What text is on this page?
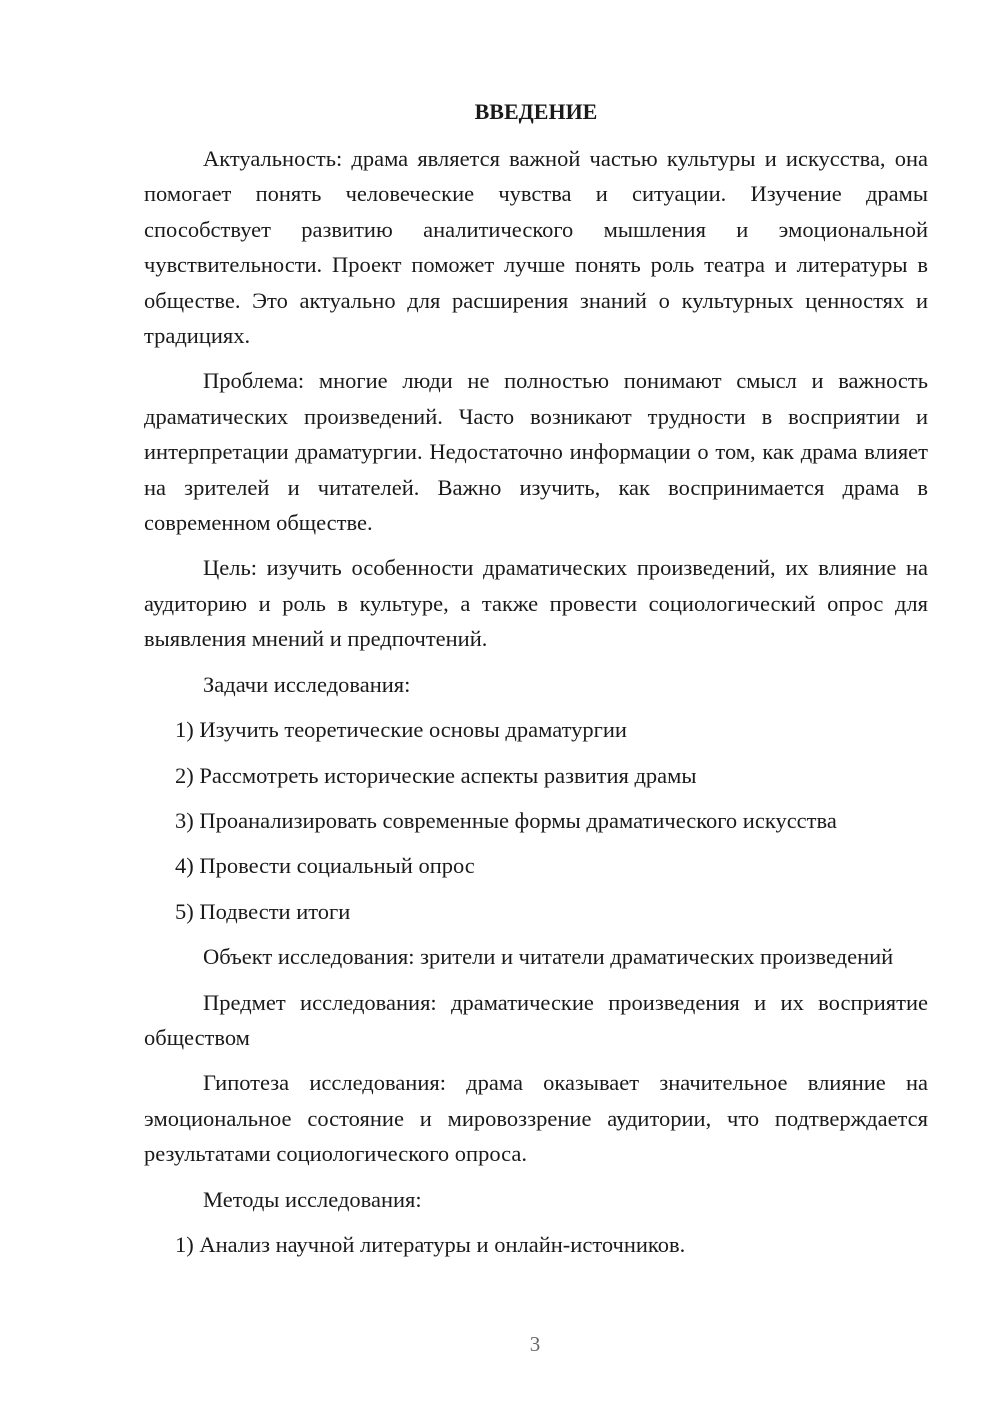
ВВЕДЕНИЕ

Актуальность: драма является важной частью культуры и искусства, она помогает понять человеческие чувства и ситуации. Изучение драмы способствует развитию аналитического мышления и эмоциональной чувствительности. Проект поможет лучше понять роль театра и литературы в обществе. Это актуально для расширения знаний о культурных ценностях и традициях.

Проблема: многие люди не полностью понимают смысл и важность драматических произведений. Часто возникают трудности в восприятии и интерпретации драматургии. Недостаточно информации о том, как драма влияет на зрителей и читателей. Важно изучить, как воспринимается драма в современном обществе.

Цель: изучить особенности драматических произведений, их влияние на аудиторию и роль в культуре, а также провести социологический опрос для выявления мнений и предпочтений.

Задачи исследования:

1) Изучить теоретические основы драматургии
2) Рассмотреть исторические аспекты развития драмы
3) Проанализировать современные формы драматического искусства
4) Провести социальный опрос
5) Подвести итоги

Объект исследования: зрители и читатели драматических произведений

Предмет исследования: драматические произведения и их восприятие обществом

Гипотеза исследования: драма оказывает значительное влияние на эмоциональное состояние и мировоззрение аудитории, что подтверждается результатами социологического опроса.

Методы исследования:

1) Анализ научной литературы и онлайн-источников.
3
